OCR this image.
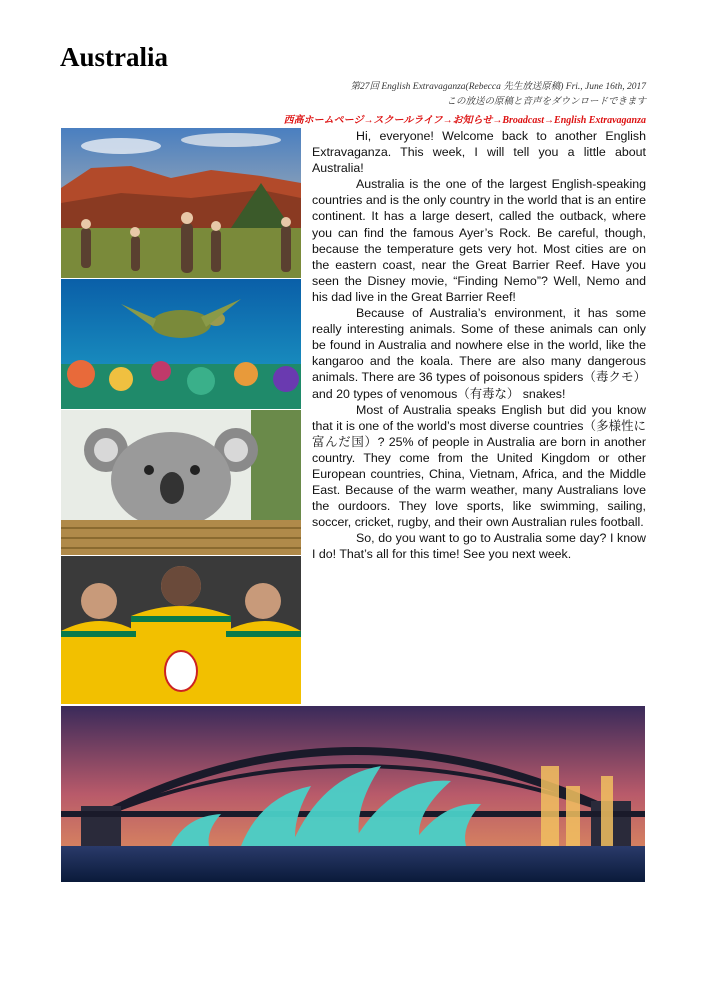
Australia
第27回 English Extravaganza(Rebecca 先生放送原稿) Fri., June 16th, 2017
この放送の原稿と音声をダウンロードできます
西高ホームページ→スクールライフ→お知らせ→Broadcast→English Extravaganza

Hi, everyone! Welcome back to another English Extravaganza. This week, I will tell you a little about Australia!

Australia is the one of the largest English-speaking countries and is the only country in the world that is an entire continent. It has a large desert, called the outback, where you can find the famous Ayer’s Rock. Be careful, though, because the temperature gets very hot. Most cities are on the eastern coast, near the Great Barrier Reef. Have you seen the Disney movie, “Finding Nemo”? Well, Nemo and his dad live in the Great Barrier Reef!

Because of Australia’s environment, it has some really interesting animals. Some of these animals can only be found in Australia and nowhere else in the world, like the kangaroo and the koala. There are also many dangerous animals. There are 36 types of poisonous spiders（毒クモ）and 20 types of venomous（有毒な） snakes!

Most of Australia speaks English but did you know that it is one of the world’s most diverse countries（多様性に富んだ国）? 25% of people in Australia are born in another country. They come from the United Kingdom or other European countries, China, Vietnam, Africa, and the Middle East. Because of the warm weather, many Australians love the ourdoors. They love sports, like swimming, sailing, soccer, cricket, rugby, and their own Australian rules football.

So, do you want to go to Australia some day? I know I do! That’s all for this time! See you next week.
